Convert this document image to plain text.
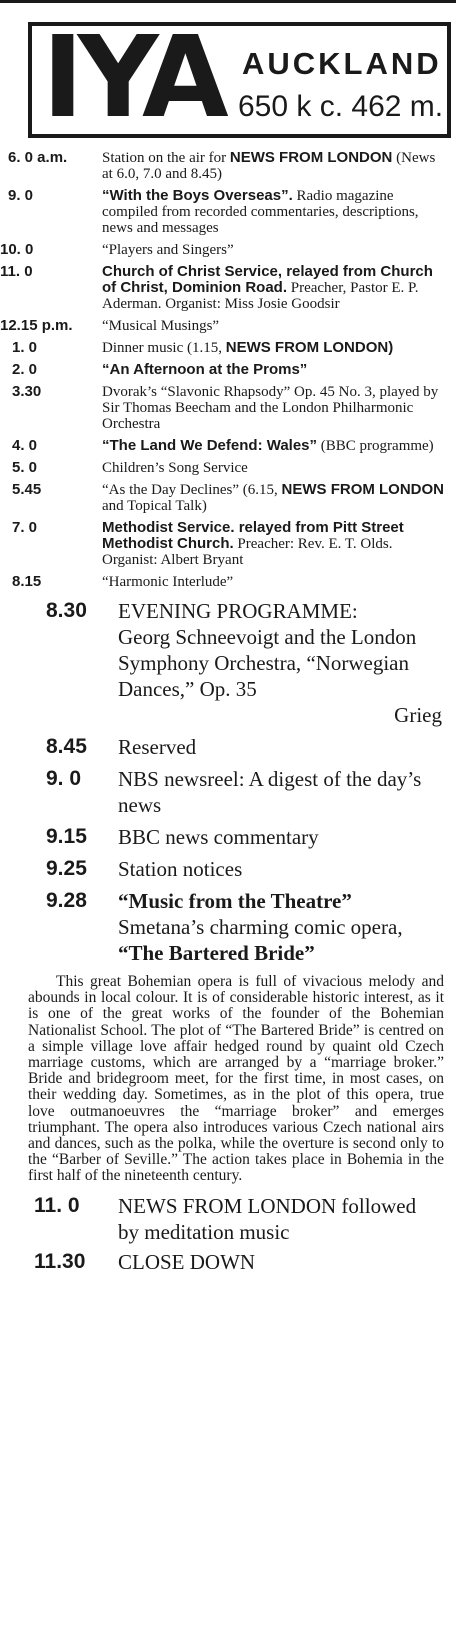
IYA AUCKLAND
650 k c. 462 m.
6. 0 a.m. Station on the air for NEWS FROM LONDON (News at 6.0, 7.0 and 8.45)
9. 0	“With the Boys Overseas”. Radio magazine compiled from recorded commentaries, descriptions, news and messages
10. 0	“Players and Singers”
11. 0	Church of Christ Service, relayed from Church of Christ, Dominion Road. Preacher, Pastor E. P. Aderman. Organist: Miss Josie Goodsir
12.15 p.m. “Musical Musings”
1. 0	Dinner music (1.15, NEWS FROM LONDON)
2. 0	“An Afternoon at the Proms”
3.30	Dvorak’s “Slavonic Rhapsody” Op. 45 No. 3, played by Sir Thomas Beecham and the London Philharmonic Orchestra
4. 0	“The Land We Defend: Wales” (BBC programme)
5. 0	Children’s Song Service
5.45	“As the Day Declines” (6.15, NEWS FROM LONDON and Topical Talk)
7. 0	Methodist Service. relayed from Pitt Street Methodist Church. Preacher: Rev. E. T. Olds. Organist: Albert Bryant
8.15	“Harmonic Interlude”
8.30 EVENING PROGRAMME:
Georg Schneevoigt and the London Symphony Orchestra, “Norwegian Dances,” Op. 35
Grieg
8.45 Reserved
9. 0 NBS newsreel: A digest of the day’s news
9.15 BBC news commentary
9.25 Station notices
9.28 “Music from the Theatre”
Smetana’s charming comic opera, “The Bartered Bride”

This great Bohemian opera is full of vivacious melody and abounds in local colour. It is of considerable historic interest, as it is one of the great works of the founder of the Bohemian Nationalist School. The plot of “The Bartered Bride” is centred on a simple village love affair hedged round by quaint old Czech marriage customs, which are arranged by a “marriage broker.” Bride and bridegroom meet, for the first time, in most cases, on their wedding day. Sometimes, as in the plot of this opera, true love outmanoeuvres the “marriage broker” and emerges triumphant. The opera also introduces various Czech national airs and dances, such as the polka, while the overture is second only to the “Barber of Seville.” The action takes place in Bohemia in the first half of the nineteenth century.

11. 0 NEWS FROM LONDON followed by meditation music
11.30 CLOSE DOWN
